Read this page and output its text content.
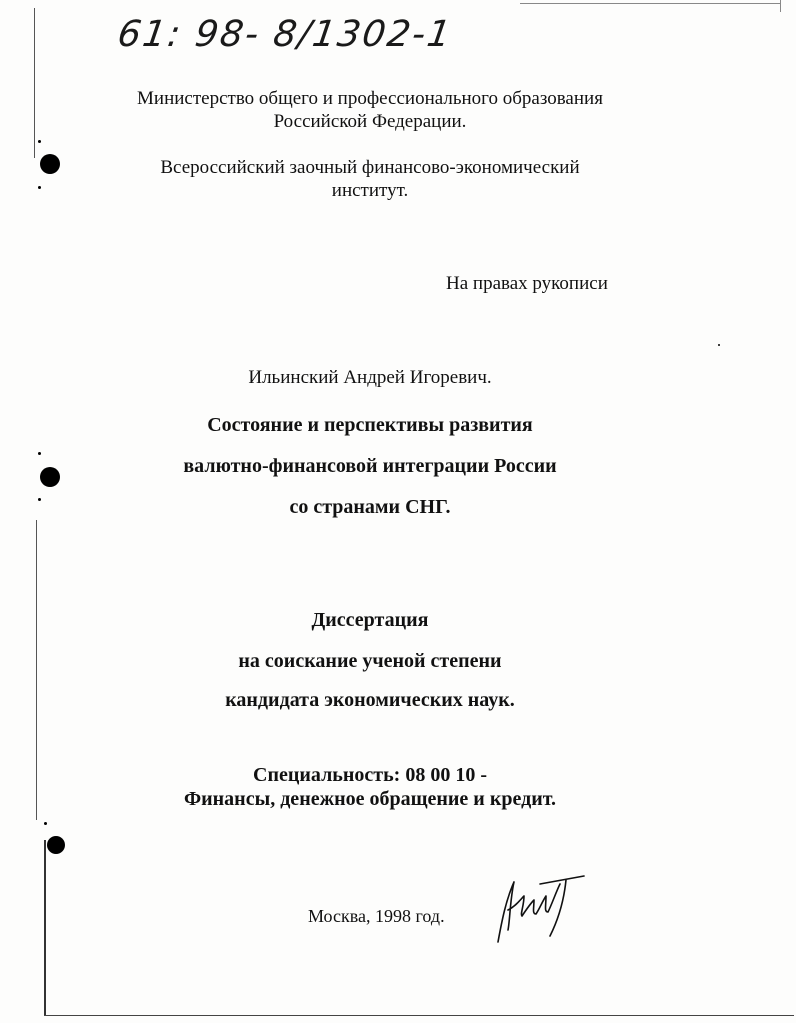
61: 98- 8/1302-1
Министерство общего и профессионального образования
Российской Федерации.
Всероссийский заочный финансово-экономический
институт.
На правах рукописи
Ильинский Андрей Игоревич.
Состояние и перспективы развития
валютно-финансовой интеграции России
со странами СНГ.
Диссертация
на соискание ученой степени
кандидата экономических наук.
Специальность: 08 00 10 -
Финансы, денежное обращение и кредит.
Москва, 1998 год.
